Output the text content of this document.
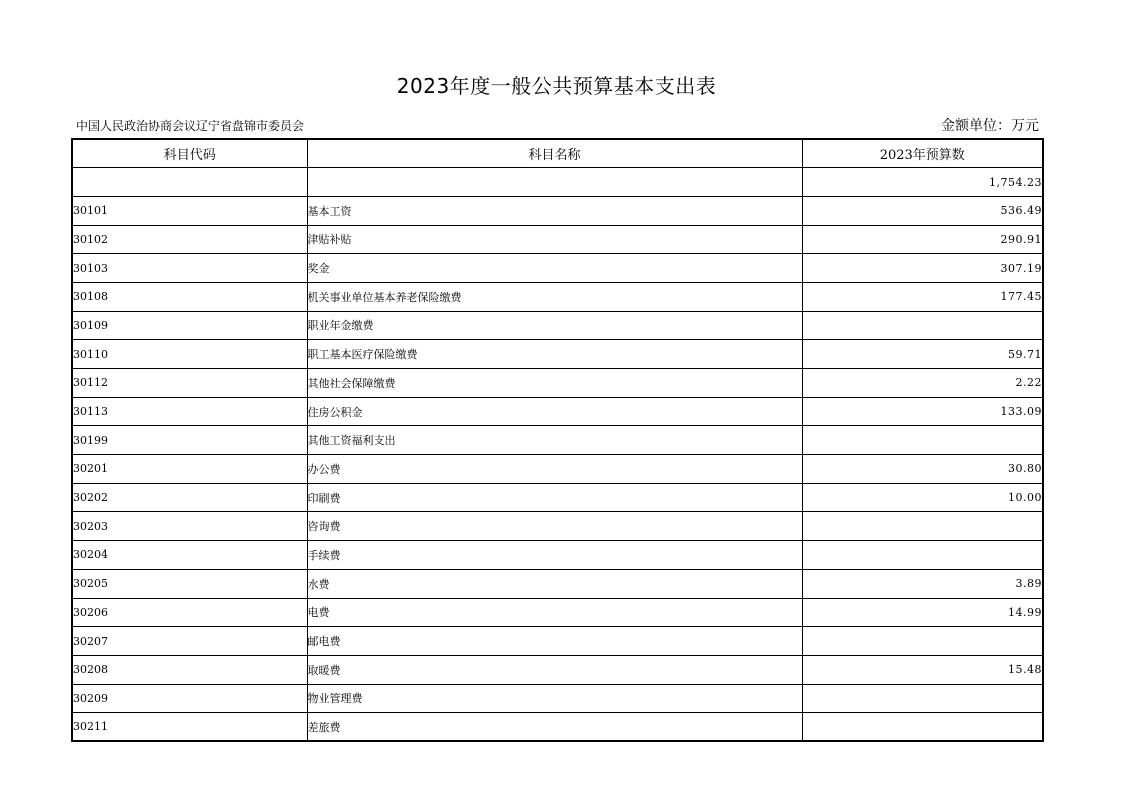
2023年度一般公共预算基本支出表
中国人民政治协商会议辽宁省盘锦市委员会	金额单位：万元
科目代码	科目名称	2023年预算数
		1,754.23
30101	基本工资	536.49
30102	津贴补贴	290.91
30103	奖金	307.19
30108	机关事业单位基本养老保险缴费	177.45
30109	职业年金缴费	
30110	职工基本医疗保险缴费	59.71
30112	其他社会保障缴费	2.22
30113	住房公积金	133.09
30199	其他工资福利支出	
30201	办公费	30.80
30202	印刷费	10.00
30203	咨询费	
30204	手续费	
30205	水费	3.89
30206	电费	14.99
30207	邮电费	
30208	取暖费	15.48
30209	物业管理费	
30211	差旅费	
